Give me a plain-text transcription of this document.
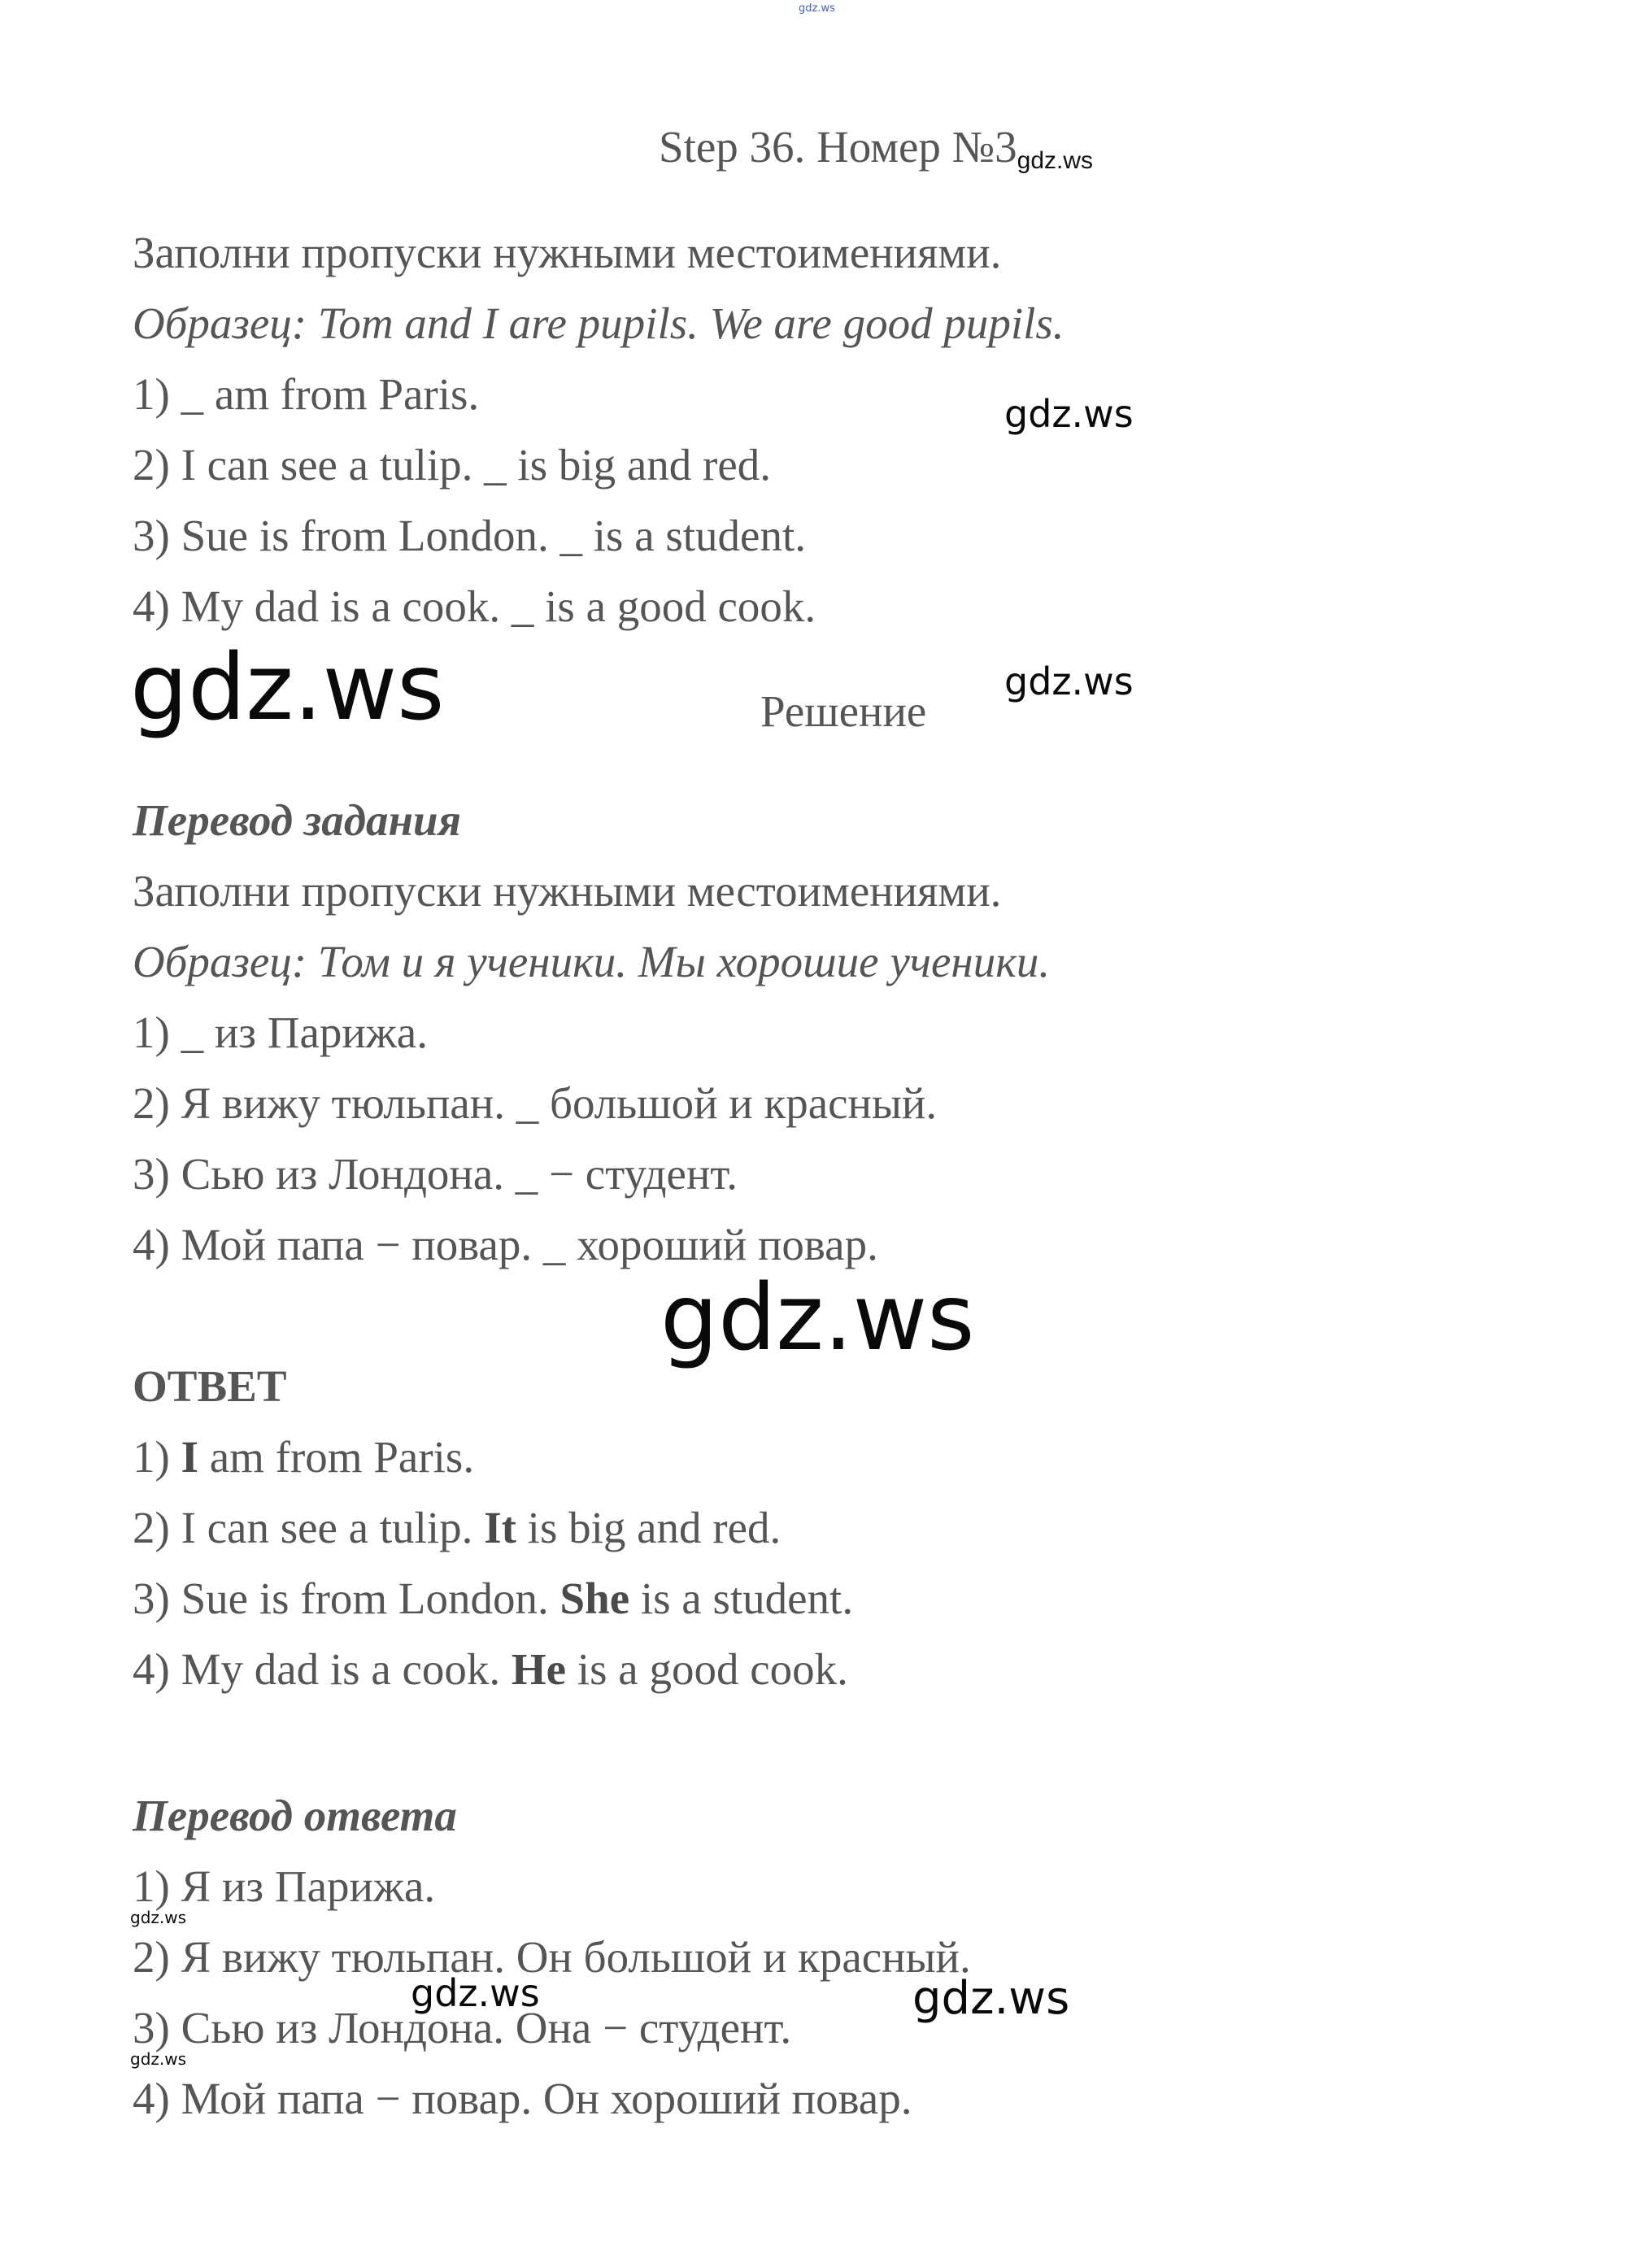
gdz.ws
Step 36. Номер №3gdz.ws
Заполни пропуски нужными местоимениями.
Образец: Tom and I are pupils. We are good pupils.
1) _ am from Paris.
2) I can see a tulip. _ is big and red.
3) Sue is from London. _ is a student.
4) My dad is a cook. _ is a good cook.
gdz.ws
gdz.ws	gdz.ws
Решение
Перевод задания
Заполни пропуски нужными местоимениями.
Образец: Том и я ученики. Мы хорошие ученики.
1) _ из Парижа.
2) Я вижу тюльпан. _ большой и красный.
3) Сью из Лондона. _ − студент.
4) Мой папа − повар. _ хороший повар.
gdz.ws
ОТВЕТ
1) I am from Paris.
2) I can see a tulip. It is big and red.
3) Sue is from London. She is a student.
4) My dad is a cook. He is a good cook.
Перевод ответа
1) Я из Парижа.
2) Я вижу тюльпан. Он большой и красный.
3) Сью из Лондона. Она − студент.
4) Мой папа − повар. Он хороший повар.
gdz.ws
gdz.ws	gdz.ws
gdz.ws
